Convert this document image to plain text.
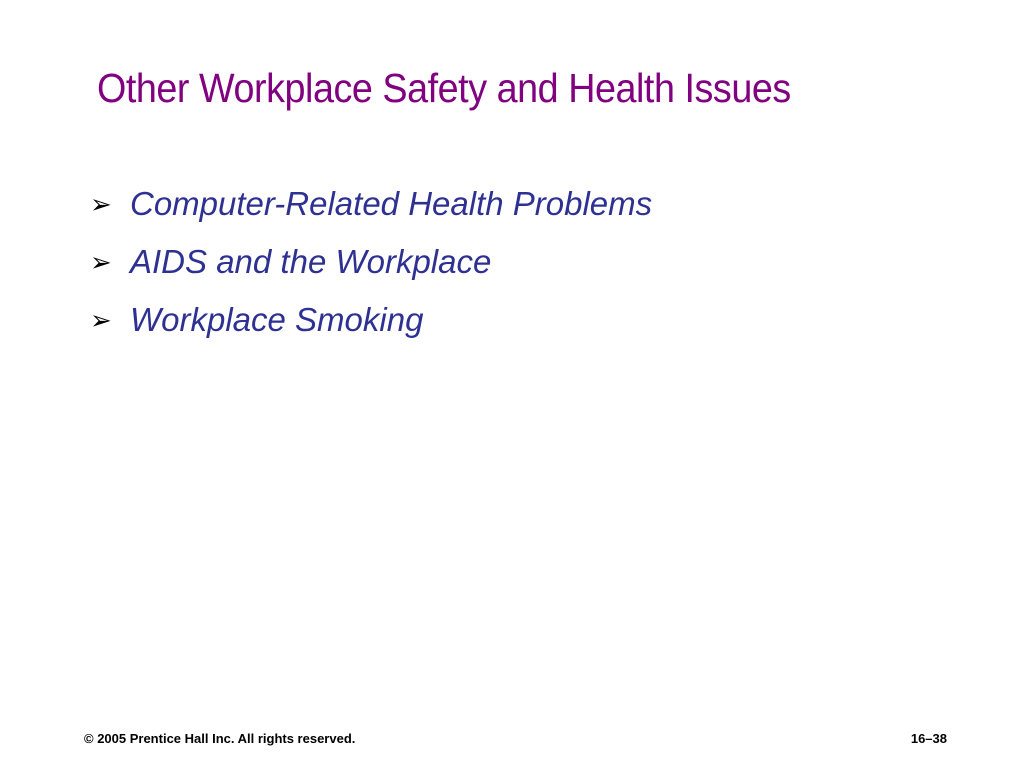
Other Workplace Safety and Health Issues
➢ Computer-Related Health Problems
➢ AIDS and the Workplace
➢ Workplace Smoking
© 2005 Prentice Hall Inc. All rights reserved.	16–38
